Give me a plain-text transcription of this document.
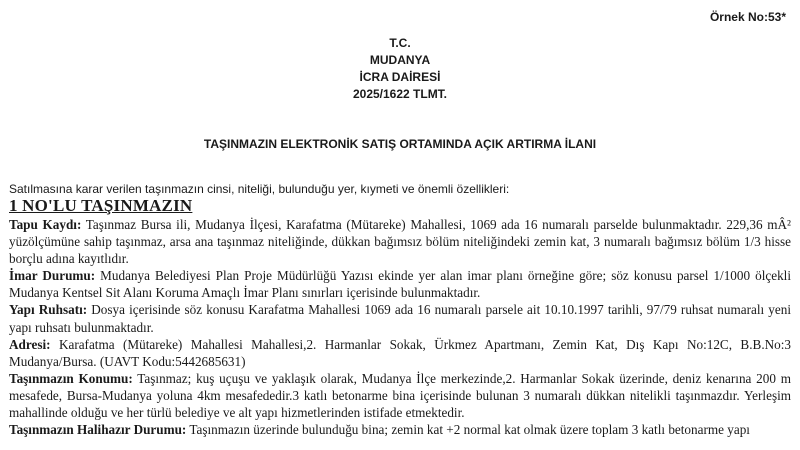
Örnek No:53*
T.C.
MUDANYA
İCRA DAİRESİ
2025/1622 TLMT.
TAŞINMAZIN ELEKTRONİK SATIŞ ORTAMINDA AÇIK ARTIRMA İLANI
Satılmasına karar verilen taşınmazın cinsi, niteliği, bulunduğu yer, kıymeti ve önemli özellikleri:
1 NO'LU TAŞINMAZIN

Tapu Kaydı: Taşınmaz Bursa ili, Mudanya İlçesi, Karafatma (Mütareke) Mahallesi, 1069 ada 16 numaralı parselde bulunmaktadır. 229,36 mÂ² yüzölçümüne sahip taşınmaz, arsa ana taşınmaz niteliğinde, dükkan bağımsız bölüm niteliğindeki zemin kat, 3 numaralı bağımsız bölüm 1/3 hisse borçlu adına kayıtlıdır.

İmar Durumu: Mudanya Belediyesi Plan Proje Müdürlüğü Yazısı ekinde yer alan imar planı örneğine göre; söz konusu parsel 1/1000 ölçekli Mudanya Kentsel Sit Alanı Koruma Amaçlı İmar Planı sınırları içerisinde bulunmaktadır.

Yapı Ruhsatı: Dosya içerisinde söz konusu Karafatma Mahallesi 1069 ada 16 numaralı parsele ait 10.10.1997 tarihli, 97/79 ruhsat numaralı yeni yapı ruhsatı bulunmaktadır.

Adresi: Karafatma (Mütareke) Mahallesi Mahallesi,2. Harmanlar Sokak, Ürkmez Apartmanı, Zemin Kat, Dış Kapı No:12C, B.B.No:3 Mudanya/Bursa. (UAVT Kodu:5442685631)

Taşınmazın Konumu: Taşınmaz; kuş uçuşu ve yaklaşık olarak, Mudanya İlçe merkezinde,2. Harmanlar Sokak üzerinde, deniz kenarına 200 m mesafede, Bursa-Mudanya yoluna 4km mesafededir.3 katlı betonarme bina içerisinde bulunan 3 numaralı dükkan nitelikli taşınmazdır. Yerleşim mahallinde olduğu ve her türlü belediye ve alt yapı hizmetlerinden istifade etmektedir.

Taşınmazın Halihazır Durumu: Taşınmazın üzerinde bulunduğu bina; zemin kat +2 normal kat olmak üzere toplam 3 katlı betonarme yapı
